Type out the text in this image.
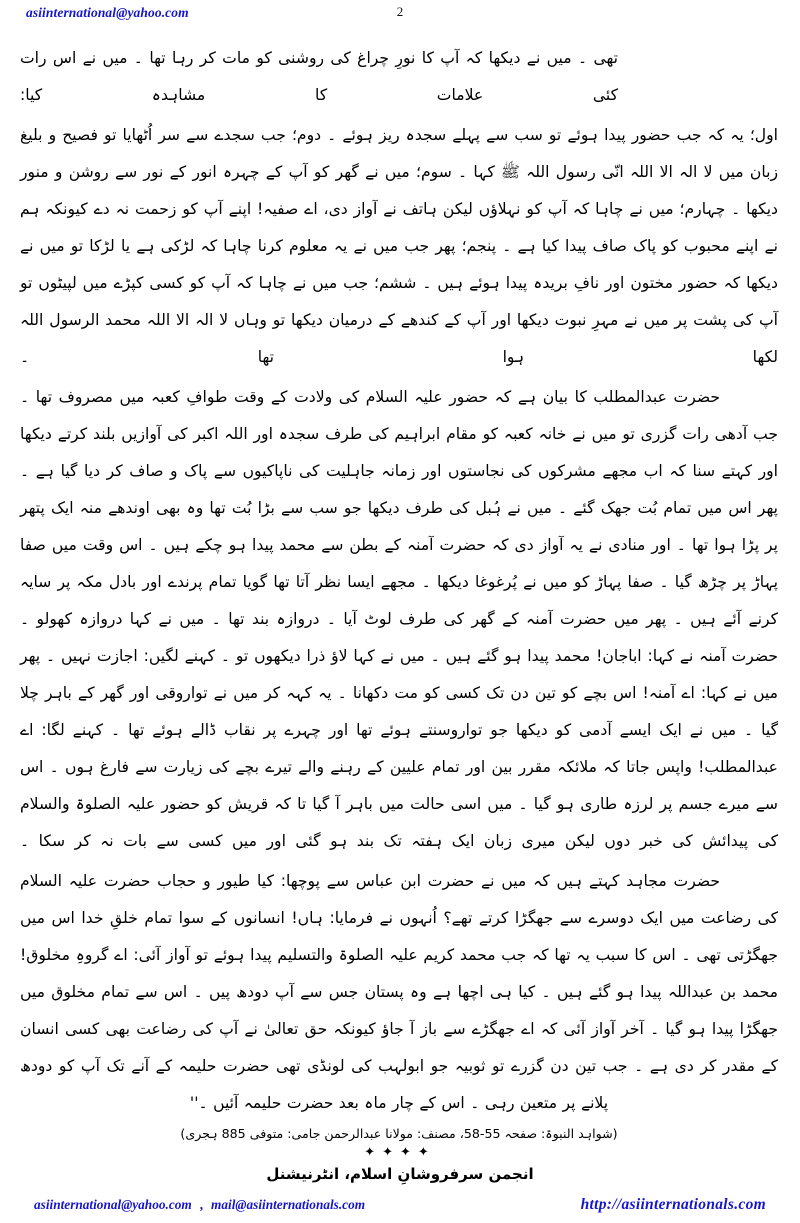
asiinternational@yahoo.com	2

تھی ۔ میں نے دیکھا کہ آپ کا نورِ چراغ کی روشنی کو مات کر رہا تھا ۔ میں نے اس رات کئی علامات کا مشاہدہ کیا:

اول؛ یہ کہ جب حضور پیدا ہوئے تو سب سے پہلے سجدہ ریز ہوئے ۔ دوم؛ جب سجدے سے سر اُٹھایا تو فصیح و بلیغ زبان میں لا الہ الا اللہ انّی رسول اللہ ﷺ کہا ۔ سوم؛ میں نے گھر کو آپ کے چہرہ انور کے نور سے روشن و منور دیکھا ۔ چہارم؛ میں نے چاہا کہ آپ کو نہلاؤں لیکن ہاتف نے آواز دی، اے صفیہ! اپنے آپ کو زحمت نہ دے کیونکہ ہم نے اپنے محبوب کو پاک صاف پیدا کیا ہے ۔ پنجم؛ پھر جب میں نے یہ معلوم کرنا چاہا کہ لڑکی ہے یا لڑکا تو میں نے دیکھا کہ حضور مختون اور نافِ بریدہ پیدا ہوئے ہیں ۔ ششم؛ جب میں نے چاہا کہ آپ کو کسی کپڑے میں لپیٹوں تو آپ کی پشت پر میں نے مہرِ نبوت دیکھا اور آپ کے کندھے کے درمیان دیکھا تو وہاں لا الہ الا اللہ محمد الرسول اللہ لکھا ہوا تھا ۔

حضرت عبدالمطلب کا بیان ہے کہ حضور علیہ السلام کی ولادت کے وقت طوافِ کعبہ میں مصروف تھا ۔ جب آدھی رات گزری تو میں نے خانہ کعبہ کو مقام ابراہیم کی طرف سجدہ اور اللہ اکبر کی آوازیں بلند کرتے دیکھا اور کہتے سنا کہ اب مجھے مشرکوں کی نجاستوں اور زمانہ جاہلیت کی ناپاکیوں سے پاک و صاف کر دیا گیا ہے ۔ پھر اس میں تمام بُت جھک گئے ۔ میں نے ہُبل کی طرف دیکھا جو سب سے بڑا بُت تھا وہ بھی اوندھے منہ ایک پتھر پر پڑا ہوا تھا ۔ اور منادی نے یہ آواز دی کہ حضرت آمنہ کے بطن سے محمد پیدا ہو چکے ہیں ۔ اس وقت میں صفا پہاڑ پر چڑھ گیا ۔ صفا پہاڑ کو میں نے پُرغوغا دیکھا ۔ مجھے ایسا نظر آتا تھا گویا تمام پرندے اور بادل مکہ پر سایہ کرنے آئے ہیں ۔ پھر میں حضرت آمنہ کے گھر کی طرف لوٹ آیا ۔ دروازہ بند تھا ۔ میں نے کہا دروازہ کھولو ۔ حضرت آمنہ نے کہا: اباجان! محمد پیدا ہو گئے ہیں ۔ میں نے کہا لاؤ ذرا دیکھوں تو ۔ کہنے لگیں: اجازت نہیں ۔ پھر میں نے کہا: اے آمنہ! اس بچے کو تین دن تک کسی کو مت دکھانا ۔ یہ کہہ کر میں نے تواروقی اور گھر کے باہر چلا گیا ۔ میں نے ایک ایسے آدمی کو دیکھا جو تواروسنتے ہوئے تھا اور چہرے پر نقاب ڈالے ہوئے تھا ۔ کہنے لگا: اے عبدالمطلب! واپس جاتا کہ ملائکہ مقرر بین اور تمام علیین کے رہنے والے تیرے بچے کی زیارت سے فارغ ہوں ۔ اس سے میرے جسم پر لرزہ طاری ہو گیا ۔ میں اسی حالت میں باہر آ گیا تا کہ قریش کو حضور علیہ الصلوۃ والسلام کی پیدائش کی خبر دوں لیکن میری زبان ایک ہفتہ تک بند ہو گئی اور میں کسی سے بات نہ کر سکا ۔

حضرت مجاہد کہتے ہیں کہ میں نے حضرت ابن عباس سے پوچھا: کیا طیور و حجاب حضرت علیہ السلام کی رضاعت میں ایک دوسرے سے جھگڑا کرتے تھے؟ اُنہوں نے فرمایا: ہاں! انسانوں کے سوا تمام خلقِ خدا اس میں جھگڑتی تھی ۔ اس کا سبب یہ تھا کہ جب محمد کریم علیہ الصلوۃ والتسلیم پیدا ہوئے تو آواز آئی: اے گروہِ مخلوق! محمد بن عبداللہ پیدا ہو گئے ہیں ۔ کیا ہی اچھا ہے وہ پستان جس سے آپ دودھ پیں ۔ اس سے تمام مخلوق میں جھگڑا پیدا ہو گیا ۔ آخر آواز آئی کہ اے جھگڑے سے باز آ جاؤ کیونکہ حق تعالیٰ نے آپ کی رضاعت بھی کسی انسان کے مقدر کر دی ہے ۔ جب تین دن گزرے تو ثوبیہ جو ابولہب کی لونڈی تھی حضرت حلیمہ کے آنے تک آپ کو دودھ پلانے پر متعین رہی ۔ اس کے چار ماہ بعد حضرت حلیمہ آئیں ۔''

(شواہد النبوۃ: صفحہ 55-58، مصنف: مولانا عبدالرحمن جامی: متوفی 885 ہجری)
✦✦✦✦
انجمن سرفروشانِ اسلام، انٹرنیشنل
asiinternational@yahoo.com , mail@asiinternationals.com	http://asiinternationals.com
